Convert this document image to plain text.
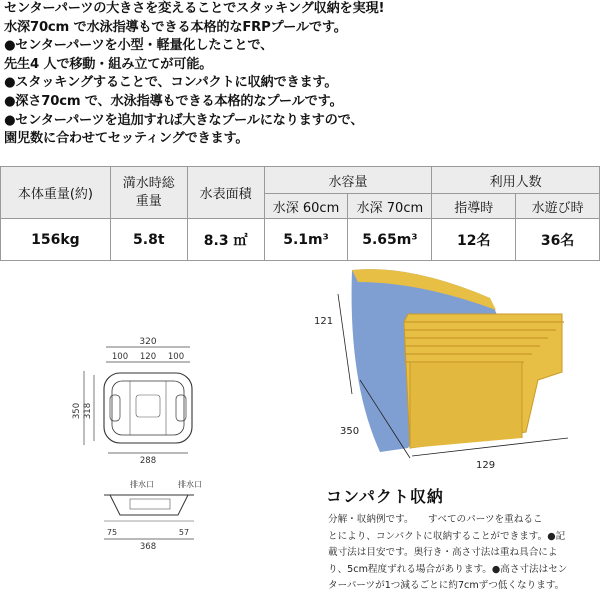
センターパーツの大きさを変えることでスタッキング収納を実現!
水深70cm で水泳指導もできる本格的なFRPプールです。
●センターパーツを小型・軽量化したことで、
先生4 人で移動・組み立てが可能。
●スタッキングすることで、コンパクトに収納できます。
●深さ70cm で、水泳指導もできる本格的なプールです。
●センターパーツを追加すれば大きなプールになりますので、
園児数に合わせてセッティングできます。
本体重量(約)	満水時総重量	水表面積	水容量		利用人数	
			水深 60cm	水深 70cm	指導時	水遊び時
156kg	5.8t	8.3 ㎡	5.1m³	5.65m³	12名	36名
320
100 120 100
350 318
288
排水口	排水口
75	57
368
121
350
129
コンパクト収納
分解・収納例です。　　すべてのパーツを重ねるこ
とにより、コンパクトに収納することができます。●記
載寸法は目安です。奥行き・高さ寸法は重ね具合によ
り、5cm程度ずれる場合があります。●高さ寸法はセン
ターパーツが1つ減るごとに約7cmずつ低くなります。
